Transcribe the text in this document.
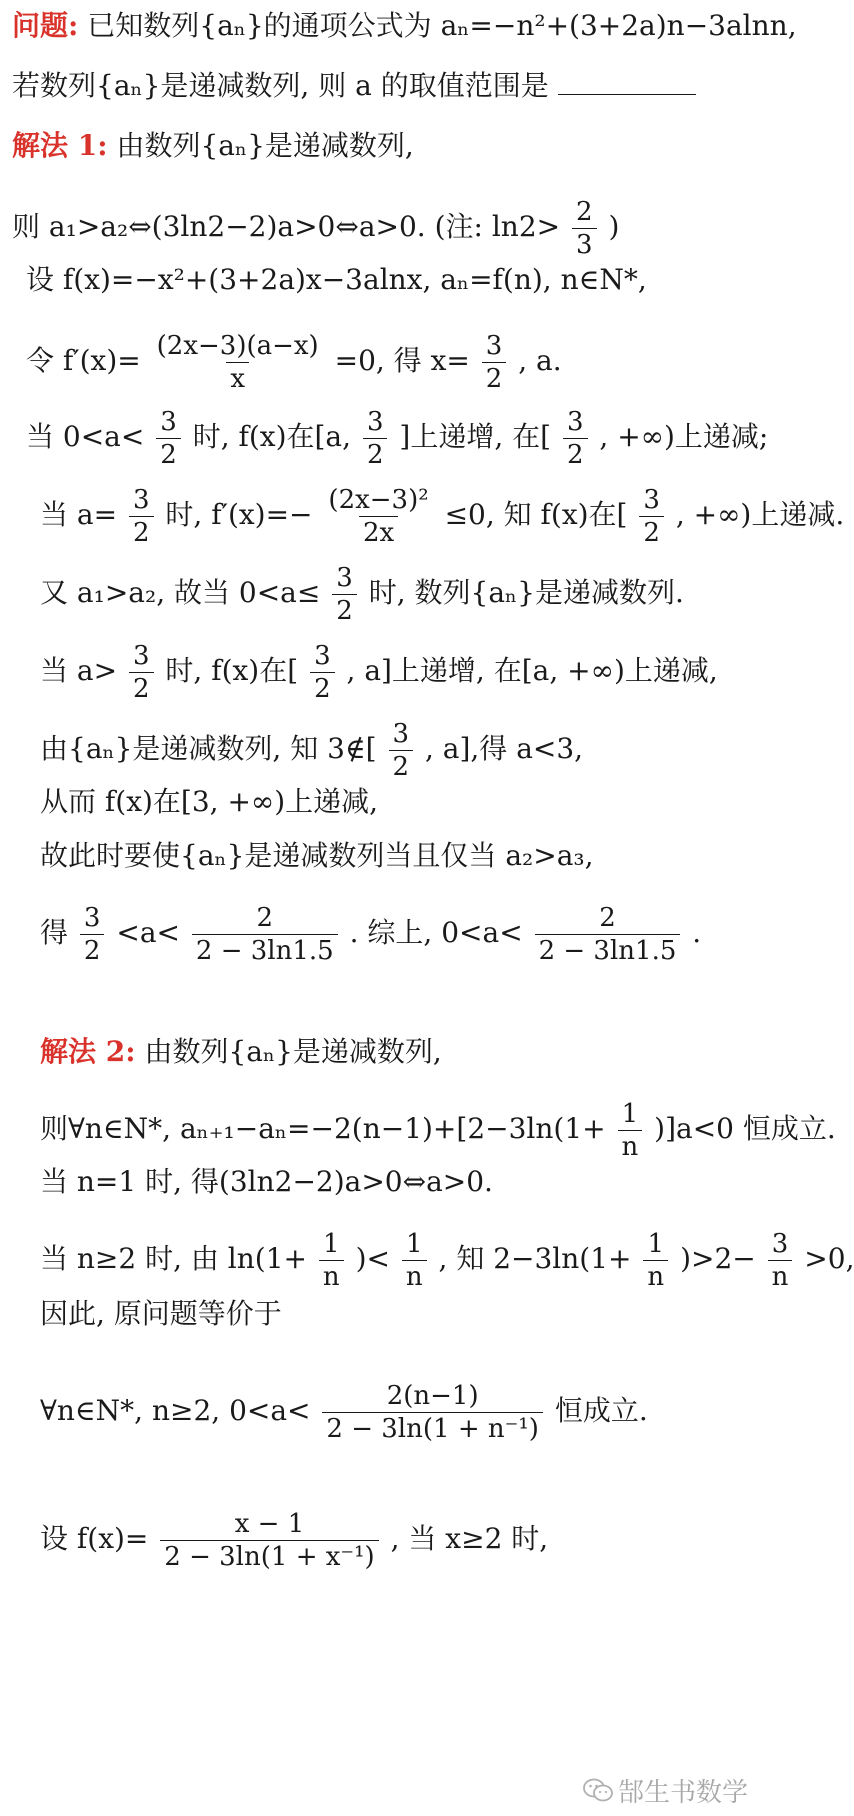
问题: 已知数列{aₙ}的通项公式为 aₙ=−n²+(3+2a)n−3alnn,
若数列{aₙ}是递减数列, 则 a 的取值范围是
解法 1: 由数列{aₙ}是递减数列,
则 a₁>a₂⇔(3ln2−2)a>0⇔a>0. (注: $\ln 2> \frac{2}{3}$ )
设 f(x)=−x²+(3+2a)x−3alnx, aₙ=f(n), n∈N*,
令 $f'(x)= \frac{(2x-3)(a-x)}{x} =0$, 得 $x= \frac{3}{2}$ , a.
当 $0<a< \frac{3}{2}$ 时, f(x)在[a, $\frac{3}{2}$ ]上递增, 在[ $\frac{3}{2}$ , +∞)上递减;
当 $a= \frac{3}{2}$ 时, $f'(x)=- \frac{\text{(2x−3)²}}{2x} \le 0$, 知 f(x)在[ $\frac{3}{2}$ , +∞)上递减.
又 a₁>a₂, 故当 $0<a\le \frac{3}{2}$ 时, 数列{aₙ}是递减数列.
当 $a> \frac{3}{2}$ 时, f(x)在[ $\frac{3}{2}$ , a]上递增, 在[a, +∞)上递减,
由{aₙ}是递减数列, 知 3∉[ $\frac{3}{2}$ , a],得 a<3,
从而 f(x)在[3, +∞)上递减,
故此时要使{aₙ}是递减数列当且仅当 a₂>a₃,
得 $\frac{3}{2} <a< \frac{2}{2 - 3\ln 1.5}$ . 综上, $0<a< \frac{2}{2 - 3\ln 1.5}$ .
解法 2: 由数列{aₙ}是递减数列,
则∀n∈N*, $a_{n+1}-a_n=-2(n-1)+[2-3\ln(1+ \frac{1}{n} )]a<0$ 恒成立.
当 n=1 时, 得(3ln2−2)a>0⇔a>0.
当 n≥2 时, 由 $\ln(1+ \frac{1}{n}$ )< $\frac{1}{n}$ , 知 $2-3\ln(1+ \frac{1}{n} )>2- \frac{3}{n} >0$,
因此, 原问题等价于
∀n∈N*, n≥2, $0<a< \frac{2(n-1)}{\text{2 − 3ln(1 + n⁻¹)}}$ 恒成立.
设 $f(x)= \frac{x - 1}{\text{2 − 3ln(1 + x⁻¹)}}$ , 当 x≥2 时,
郜生书数学
